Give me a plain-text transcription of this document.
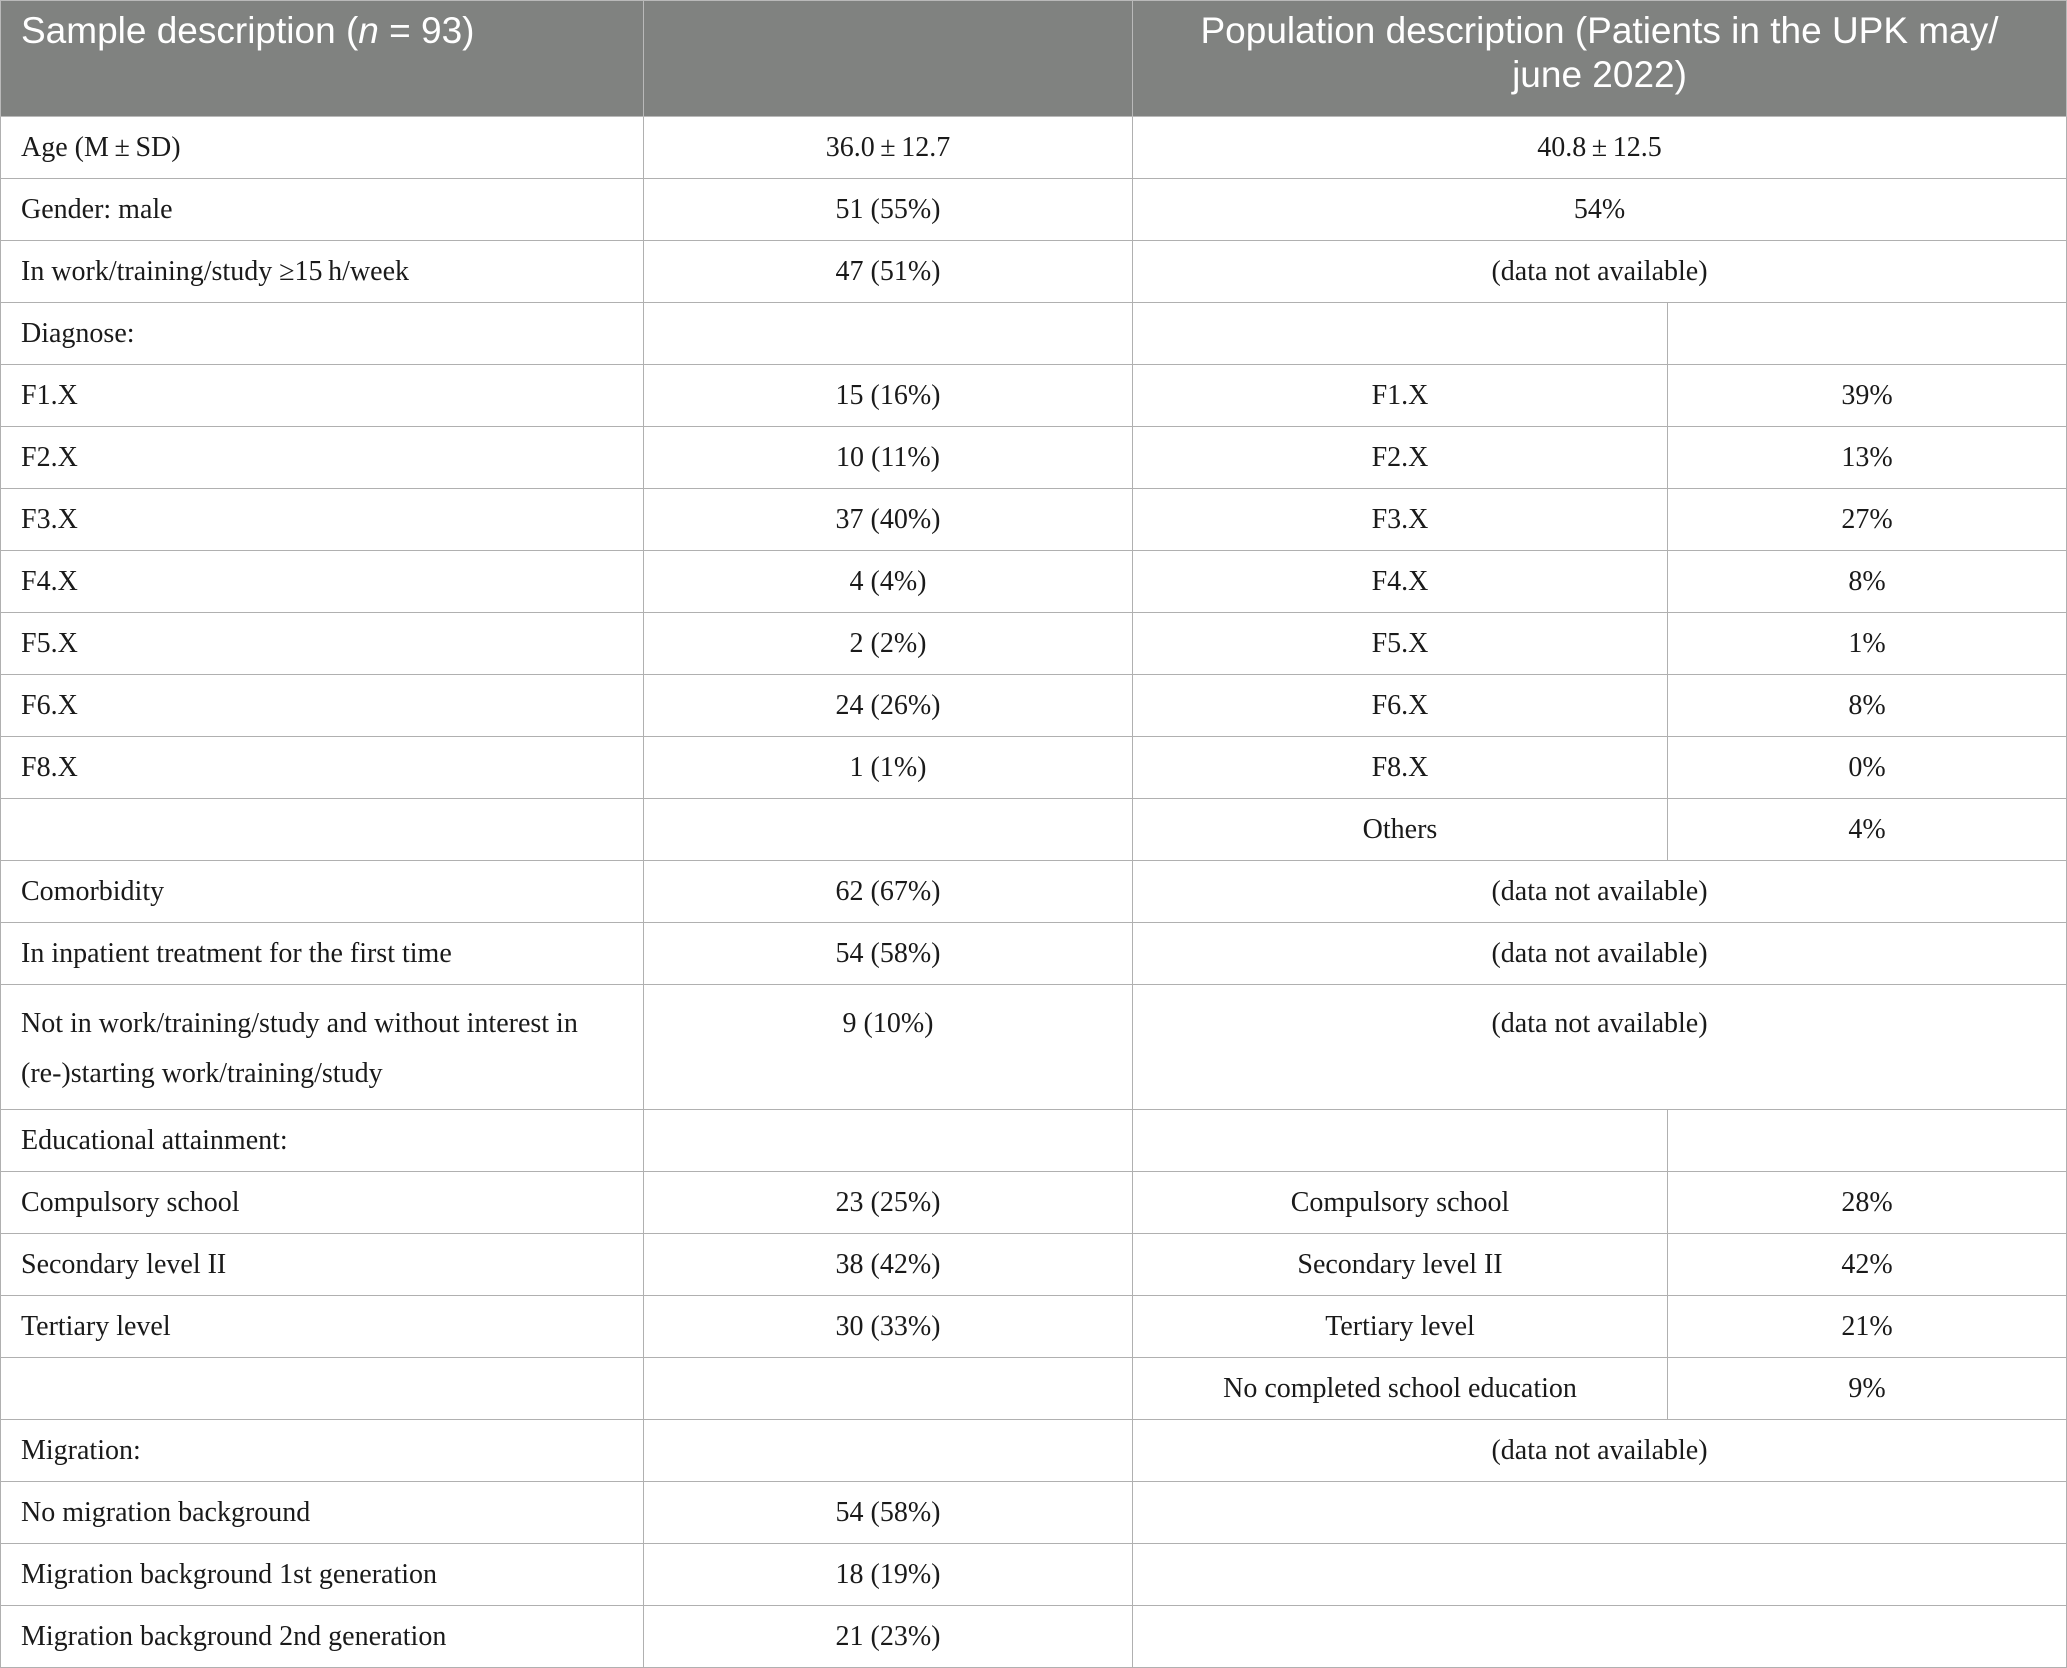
Sample description (n = 93)		Population description (Patients in the UPK may/ june 2022)	
Age (M ± SD)	36.0 ± 12.7	40.8 ± 12.5	
Gender: male	51 (55%)	54%	
In work/training/study ≥15 h/week	47 (51%)	(data not available)	
Diagnose:			
F1.X	15 (16%)	F1.X	39%
F2.X	10 (11%)	F2.X	13%
F3.X	37 (40%)	F3.X	27%
F4.X	4 (4%)	F4.X	8%
F5.X	2 (2%)	F5.X	1%
F6.X	24 (26%)	F6.X	8%
F8.X	1 (1%)	F8.X	0%
		Others	4%
Comorbidity	62 (67%)	(data not available)	
In inpatient treatment for the first time	54 (58%)	(data not available)	
Not in work/training/study and without interest in (re-)starting work/training/study	9 (10%)	(data not available)	
Educational attainment:			
Compulsory school	23 (25%)	Compulsory school	28%
Secondary level II	38 (42%)	Secondary level II	42%
Tertiary level	30 (33%)	Tertiary level	21%
		No completed school education	9%
Migration:		(data not available)	
No migration background	54 (58%)		
Migration background 1st generation	18 (19%)		
Migration background 2nd generation	21 (23%)		
